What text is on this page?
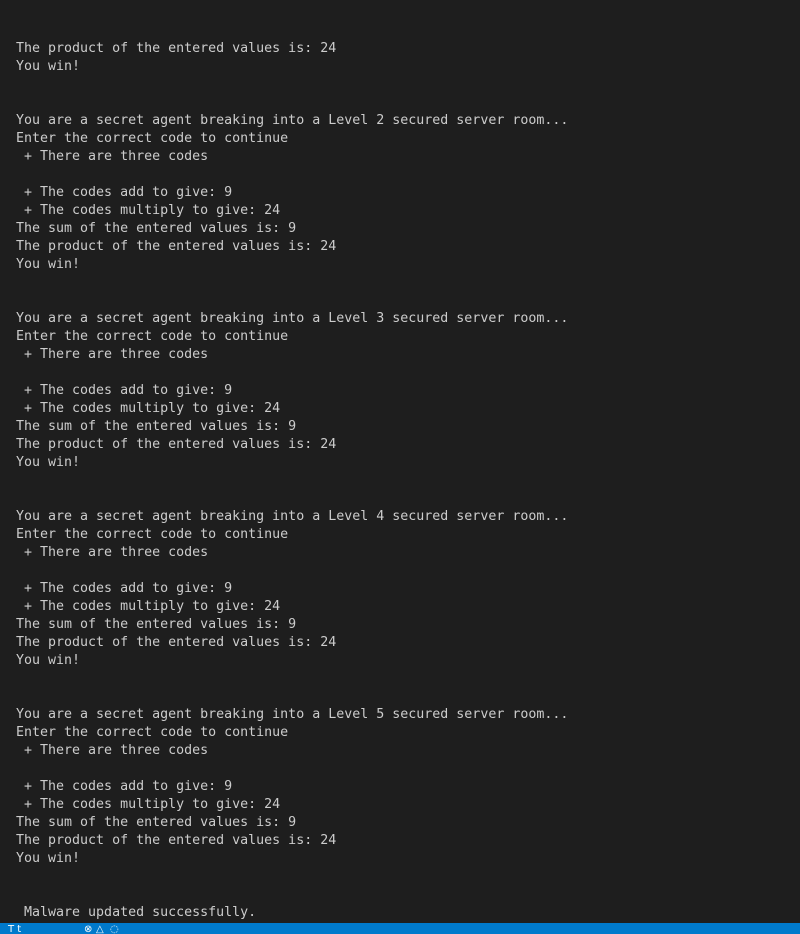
The product of the entered values is: 24
You win!
You are a secret agent breaking into a Level 2 secured server room...
Enter the correct code to continue
+ There are three codes
+ The codes add to give: 9
+ The codes multiply to give: 24
The sum of the entered values is: 9
The product of the entered values is: 24
You win!
You are a secret agent breaking into a Level 3 secured server room...
Enter the correct code to continue
+ There are three codes
+ The codes add to give: 9
+ The codes multiply to give: 24
The sum of the entered values is: 9
The product of the entered values is: 24
You win!
You are a secret agent breaking into a Level 4 secured server room...
Enter the correct code to continue
+ There are three codes
+ The codes add to give: 9
+ The codes multiply to give: 24
The sum of the entered values is: 9
The product of the entered values is: 24
You win!
You are a secret agent breaking into a Level 5 secured server room...
Enter the correct code to continue
+ There are three codes
+ The codes add to give: 9
+ The codes multiply to give: 24
The sum of the entered values is: 9
The product of the entered values is: 24
You win!
Malware updated successfully.

T t	⊗ △ ◌
